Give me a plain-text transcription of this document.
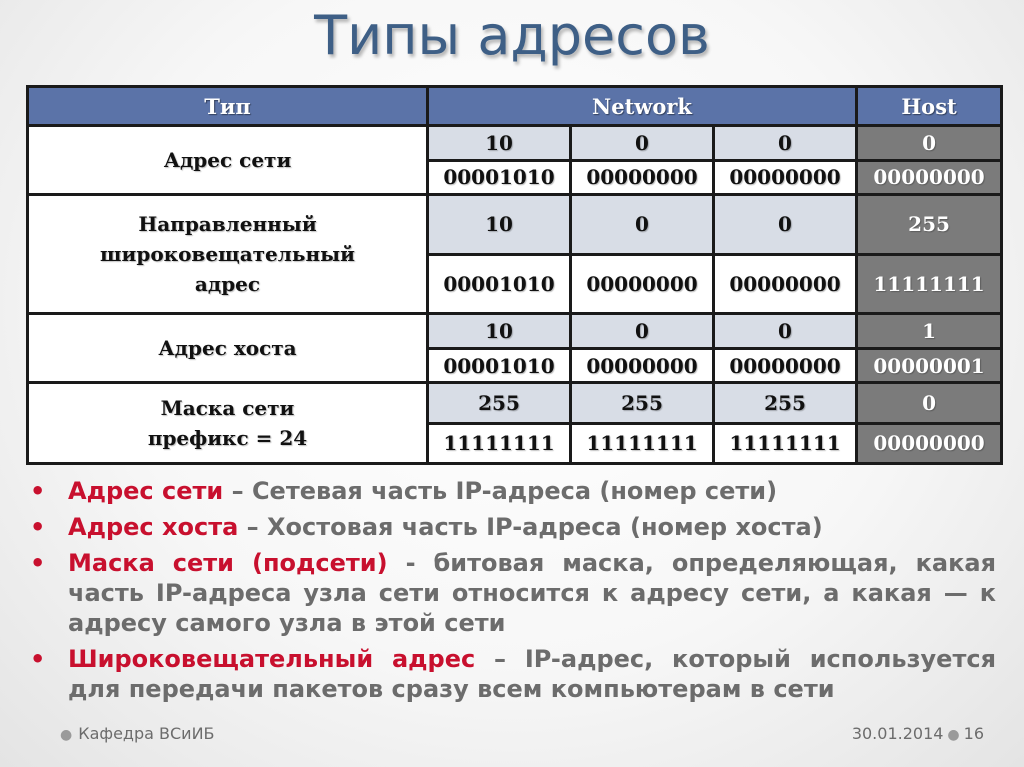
Типы адресов
Тип	Network			Host
Адрес сети	10	0	0	0
	00001010	00000000	00000000	00000000
Направленный широковещательный адрес	10	0	0	255
	00001010	00000000	00000000	11111111
Адрес хоста	10	0	0	1
	00001010	00000000	00000000	00000001

Маска сети
префикс = 24	255	255	255	0
	11111111	11111111	11111111	00000000
• Адрес сети – Сетевая часть IP-адреса (номер сети)
• Адрес хоста – Хостовая часть IP-адреса (номер хоста)
• Маска сети (подсети) - битовая маска, определяющая, какая часть IP-адреса узла сети относится к адресу сети, а какая — к адресу самого узла в этой сети
• Широковещательный адрес – IP-адрес, который используется для передачи пакетов сразу всем компьютерам в сети
● Кафедра ВСиИБ	30.01.2014 ● 16
